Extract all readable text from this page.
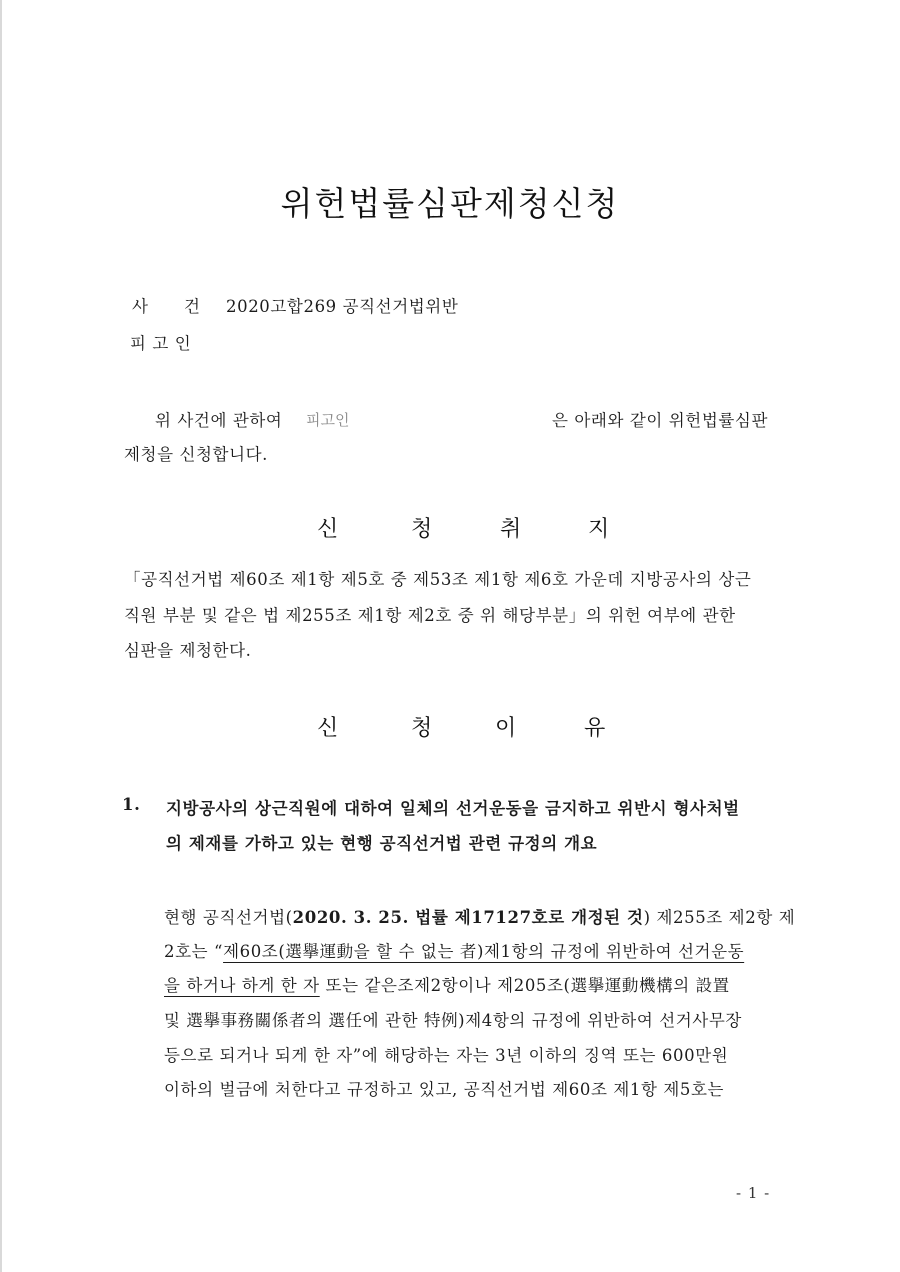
위헌법률심판제청신청
사 건 2020고합269 공직선거법위반
피 고 인
위 사건에 관하여 피고인	은 아래와 같이 위헌법률심판
제청을 신청합니다.
신	청	취	지
「공직선거법 제60조 제1항 제5호 중 제53조 제1항 제6호 가운데 지방공사의 상근
직원 부분 및 같은 법 제255조 제1항 제2호 중 위 해당부분」의 위헌 여부에 관한
심판을 제청한다.
신	청	이	유
1. 지방공사의 상근직원에 대하여 일체의 선거운동을 금지하고 위반시 형사처벌
의 제재를 가하고 있는 현행 공직선거법 관련 규정의 개요
현행 공직선거법(2020. 3. 25. 법률 제17127호로 개정된 것) 제255조 제2항 제
2호는 “제60조(選擧運動을 할 수 없는 者)제1항의 규정에 위반하여 선거운동
을 하거나 하게 한 자 또는 같은조제2항이나 제205조(選擧運動機構의 設置
및 選擧事務關係者의 選任에 관한 特例)제4항의 규정에 위반하여 선거사무장
등으로 되거나 되게 한 자”에 해당하는 자는 3년 이하의 징역 또는 600만원
이하의 벌금에 처한다고 규정하고 있고, 공직선거법 제60조 제1항 제5호는
- 1 -
